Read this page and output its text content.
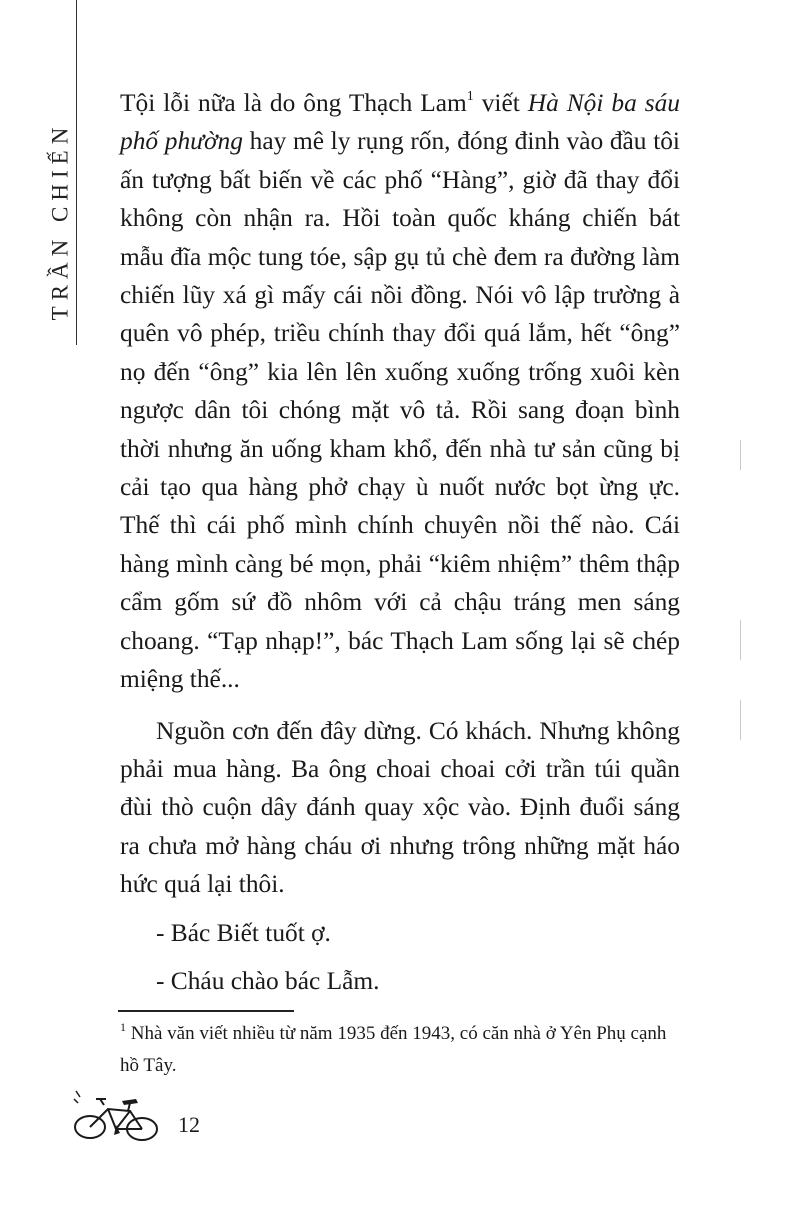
TRẦN CHIẾN

Tội lỗi nữa là do ông Thạch Lam$^1$ viết Hà Nội ba sáu phố phường hay mê ly rụng rốn, đóng đinh vào đầu tôi ấn tượng bất biến về các phố “Hàng”, giờ đã thay đổi không còn nhận ra. Hồi toàn quốc kháng chiến bát mẫu đĩa mộc tung tóe, sập gụ tủ chè đem ra đường làm chiến lũy xá gì mấy cái nồi đồng. Nói vô lập trường à quên vô phép, triều chính thay đổi quá lắm, hết “ông” nọ đến “ông” kia lên lên xuống xuống trống xuôi kèn ngược dân tôi chóng mặt vô tả. Rồi sang đoạn bình thời nhưng ăn uống kham khổ, đến nhà tư sản cũng bị cải tạo qua hàng phở chạy ù nuốt nước bọt ừng ực. Thế thì cái phố mình chính chuyên nồi thế nào. Cái hàng mình càng bé mọn, phải “kiêm nhiệm” thêm thập cẩm gốm sứ đồ nhôm với cả chậu tráng men sáng choang. “Tạp nhạp!”, bác Thạch Lam sống lại sẽ chép miệng thế...

Nguồn cơn đến đây dừng. Có khách. Nhưng không phải mua hàng. Ba ông choai choai cởi trần túi quần đùi thò cuộn dây đánh quay xộc vào. Định đuổi sáng ra chưa mở hàng cháu ơi nhưng trông những mặt háo hức quá lại thôi.

- Bác Biết tuốt ợ.

- Cháu chào bác Lẫm.

$^1$ Nhà văn viết nhiều từ năm 1935 đến 1943, có căn nhà ở Yên Phụ cạnh hồ Tây.

12
